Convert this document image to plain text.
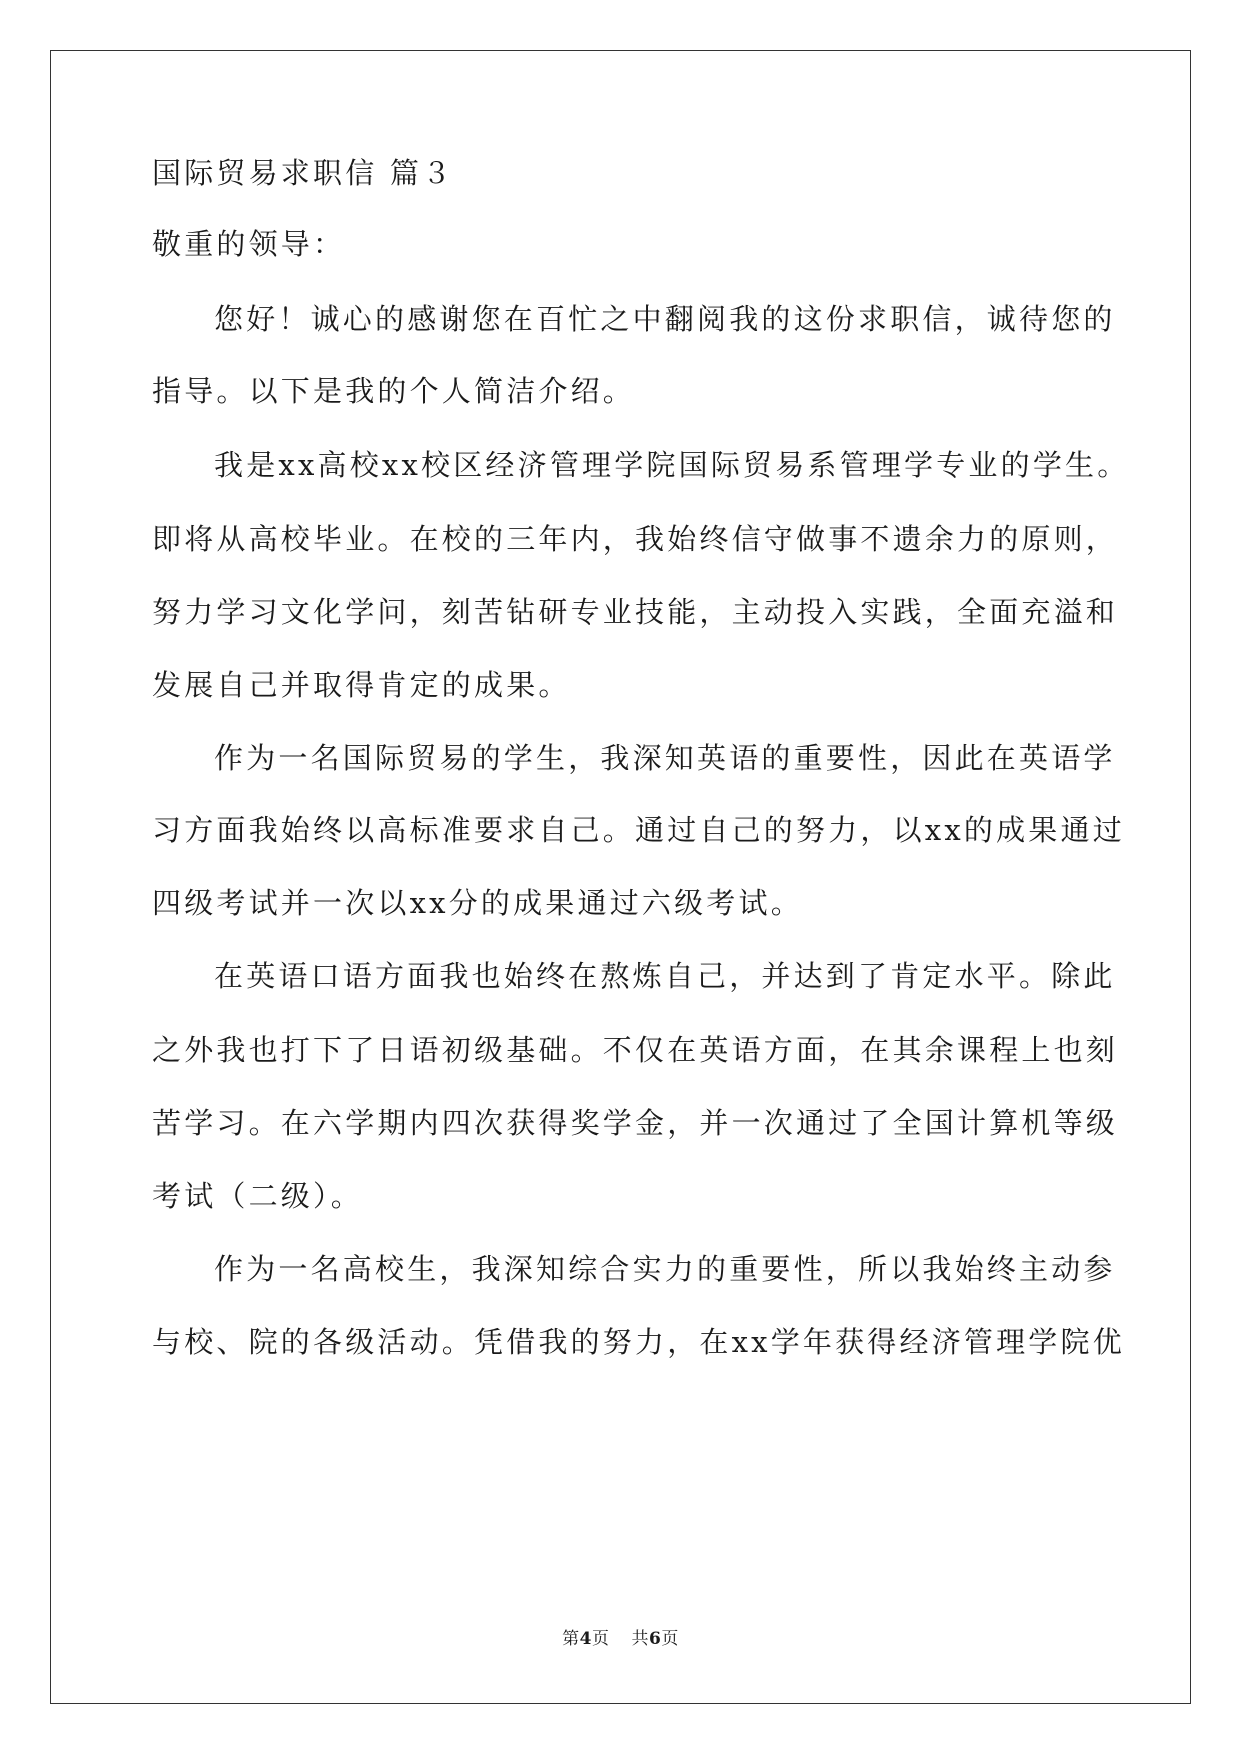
国际贸易求职信 篇３
敬重的领导：
您好！诚心的感谢您在百忙之中翻阅我的这份求职信，诚待您的
指导。以下是我的个人简洁介绍。
我是xx高校xx校区经济管理学院国际贸易系管理学专业的学生。
即将从高校毕业。在校的三年内，我始终信守做事不遗余力的原则，
努力学习文化学问，刻苦钻研专业技能，主动投入实践，全面充溢和
发展自己并取得肯定的成果。
作为一名国际贸易的学生，我深知英语的重要性，因此在英语学
习方面我始终以高标准要求自己。通过自己的努力，以xx的成果通过
四级考试并一次以xx分的成果通过六级考试。
在英语口语方面我也始终在熬炼自己，并达到了肯定水平。除此
之外我也打下了日语初级基础。不仅在英语方面，在其余课程上也刻
苦学习。在六学期内四次获得奖学金，并一次通过了全国计算机等级
考试（二级）。
作为一名高校生，我深知综合实力的重要性，所以我始终主动参
与校、院的各级活动。凭借我的努力，在xx学年获得经济管理学院优
第4页 共6页
